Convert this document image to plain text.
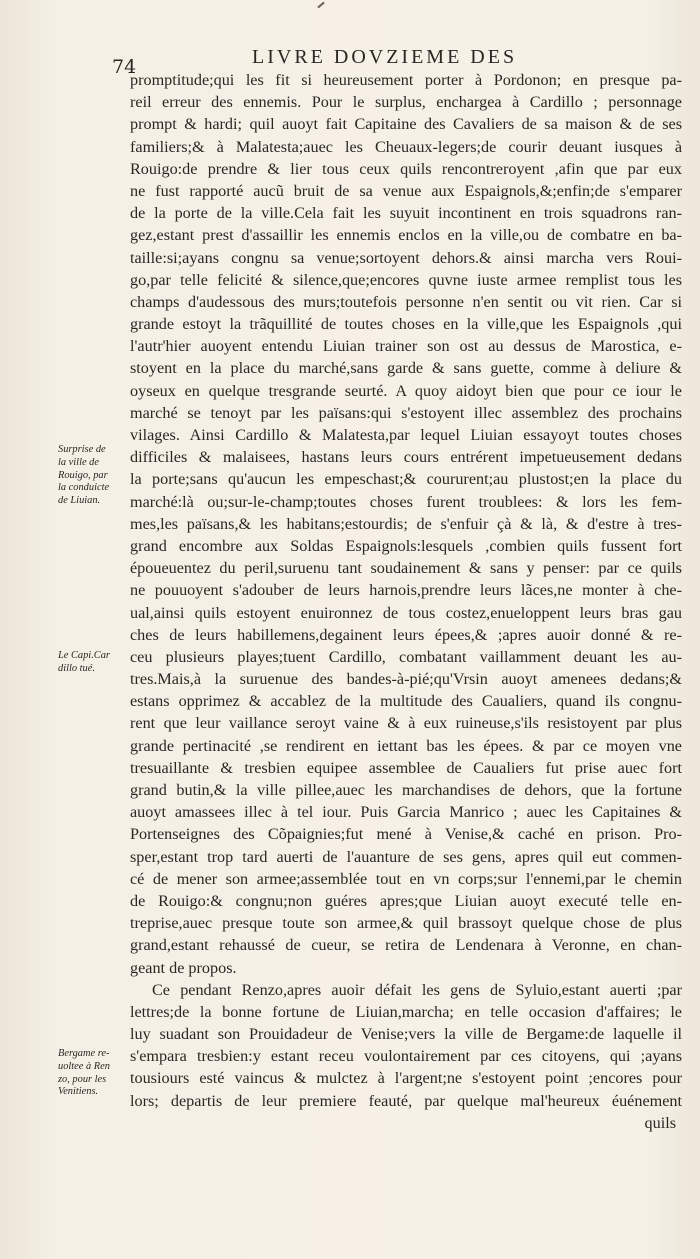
74	LIVRE DOVZIEME DES
Surprise de
la ville de
Rouigo, par
la conduicte
de Liuian.
Le Capi.Car
dillo tué.
Bergame re-
uoltee à Ren
zo, pour les
Venitiens.
promptitude;qui les fit si heureusement porter à Pordonon; en presque pa-
reil erreur des ennemis. Pour le surplus, enchargea à Cardillo ; personnage
prompt & hardi; quil auoyt fait Capitaine des Cavaliers de sa maison & de ses
familiers;& à Malatesta;auec les Cheuaux-legers;de courir deuant iusques à
Rouigo:de prendre & lier tous ceux quils rencontreroyent ,afin que par eux
ne fust rapporté aucũ bruit de sa venue aux Espaignols,&;enfin;de s'emparer
de la porte de la ville.Cela fait les suyuit incontinent en trois squadrons ran-
gez,estant prest d'assaillir les ennemis enclos en la ville,ou de combatre en ba-
taille:si;ayans congnu sa venue;sortoyent dehors.& ainsi marcha vers Roui-
go,par telle felicité & silence,que;encores quvne iuste armee remplist tous les
champs d'audessous des murs;toutefois personne n'en sentit ou vit rien. Car si
grande estoyt la trãquillité de toutes choses en la ville,que les Espaignols ,qui
l'autr'hier auoyent entendu Liuian trainer son ost au dessus de Marostica, e-
stoyent en la place du marché,sans garde & sans guette, comme à deliure &
oyseux en quelque tresgrande seurté. A quoy aidoyt bien que pour ce iour le
marché se tenoyt par les païsans:qui s'estoyent illec assemblez des prochains
vilages. Ainsi Cardillo & Malatesta,par lequel Liuian essayoyt toutes choses
difficiles & malaisees, hastans leurs cours entrérent impetueusement dedans
la porte;sans qu'aucun les empeschast;& coururent;au plustost;en la place du
marché:là ou;sur-le-champ;toutes choses furent troublees: & lors les fem-
mes,les païsans,& les habitans;estourdis; de s'enfuir çà & là, & d'estre à tres-
grand encombre aux Soldas Espaignols:lesquels ,combien quils fussent fort
époueuentez du peril,suruenu tant soudainement & sans y penser: par ce quils
ne pouuoyent s'adouber de leurs harnois,prendre leurs lãces,ne monter à che-
ual,ainsi quils estoyent enuironnez de tous costez,enueloppent leurs bras gau
ches de leurs habillemens,degainent leurs épees,& ;apres auoir donné & re-
ceu plusieurs playes;tuent Cardillo, combatant vaillamment deuant les au-
tres.Mais,à la suruenue des bandes-à-pié;qu'Vrsin auoyt amenees dedans;&
estans opprimez & accablez de la multitude des Caualiers, quand ils congnu-
rent que leur vaillance seroyt vaine & à eux ruineuse,s'ils resistoyent par plus
grande pertinacité ,se rendirent en iettant bas les épees. & par ce moyen vne
tresuaillante & tresbien equipee assemblee de Caualiers fut prise auec fort
grand butin,& la ville pillee,auec les marchandises de dehors, que la fortune
auoyt amassees illec à tel iour. Puis Garcia Manrico ; auec les Capitaines &
Portenseignes des Cõpaignies;fut mené à Venise,& caché en prison. Pro-
sper,estant trop tard auerti de l'auanture de ses gens, apres quil eut commen-
cé de mener son armee;assemblée tout en vn corps;sur l'ennemi,par le chemin
de Rouigo:& congnu;non guéres apres;que Liuian auoyt executé telle en-
treprise,auec presque toute son armee,& quil brassoyt quelque chose de plus
grand,estant rehaussé de cueur, se retira de Lendenara à Veronne, en chan-
geant de propos.
Ce pendant Renzo,apres auoir défait les gens de Syluio,estant auerti ;par
lettres;de la bonne fortune de Liuian,marcha; en telle occasion d'affaires; le
luy suadant son Prouidadeur de Venise;vers la ville de Bergame:de laquelle il
s'empara tresbien:y estant receu voulontairement par ces citoyens, qui ;ayans
tousiours esté vaincus & mulctez à l'argent;ne s'estoyent point ;encores pour
lors; departis de leur premiere feauté, par quelque mal'heureux éuénement
quils
